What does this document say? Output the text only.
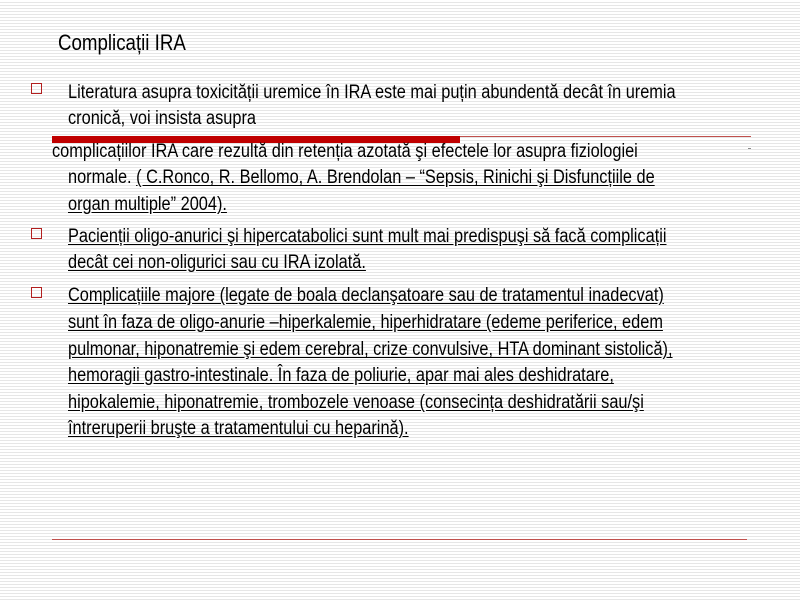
Complicații IRA
Literatura asupra toxicității uremice în IRA este mai puțin abundentă decât în uremia
cronică, voi insista asupra
complicațiilor IRA care rezultă din retenția azotată şi efectele lor asupra fiziologiei
normale. ( C.Ronco, R. Bellomo, A. Brendolan – “Sepsis, Rinichi şi Disfuncțiile de
organ multiple” 2004).
Pacienții oligo-anurici şi hipercatabolici sunt mult mai predispuşi să facă complicații
decât cei non-oligurici sau cu IRA izolată.
Complicațiile majore (legate de boala declanşatoare sau de tratamentul inadecvat)
sunt în faza de oligo-anurie –hiperkalemie, hiperhidratare (edeme periferice, edem
pulmonar, hiponatremie şi edem cerebral, crize convulsive, HTA dominant sistolică),
hemoragii gastro-intestinale. În faza de poliurie, apar mai ales deshidratare,
hipokalemie, hiponatremie, trombozele venoase (consecința deshidratării sau/şi
întreruperii bruşte a tratamentului cu heparină).
